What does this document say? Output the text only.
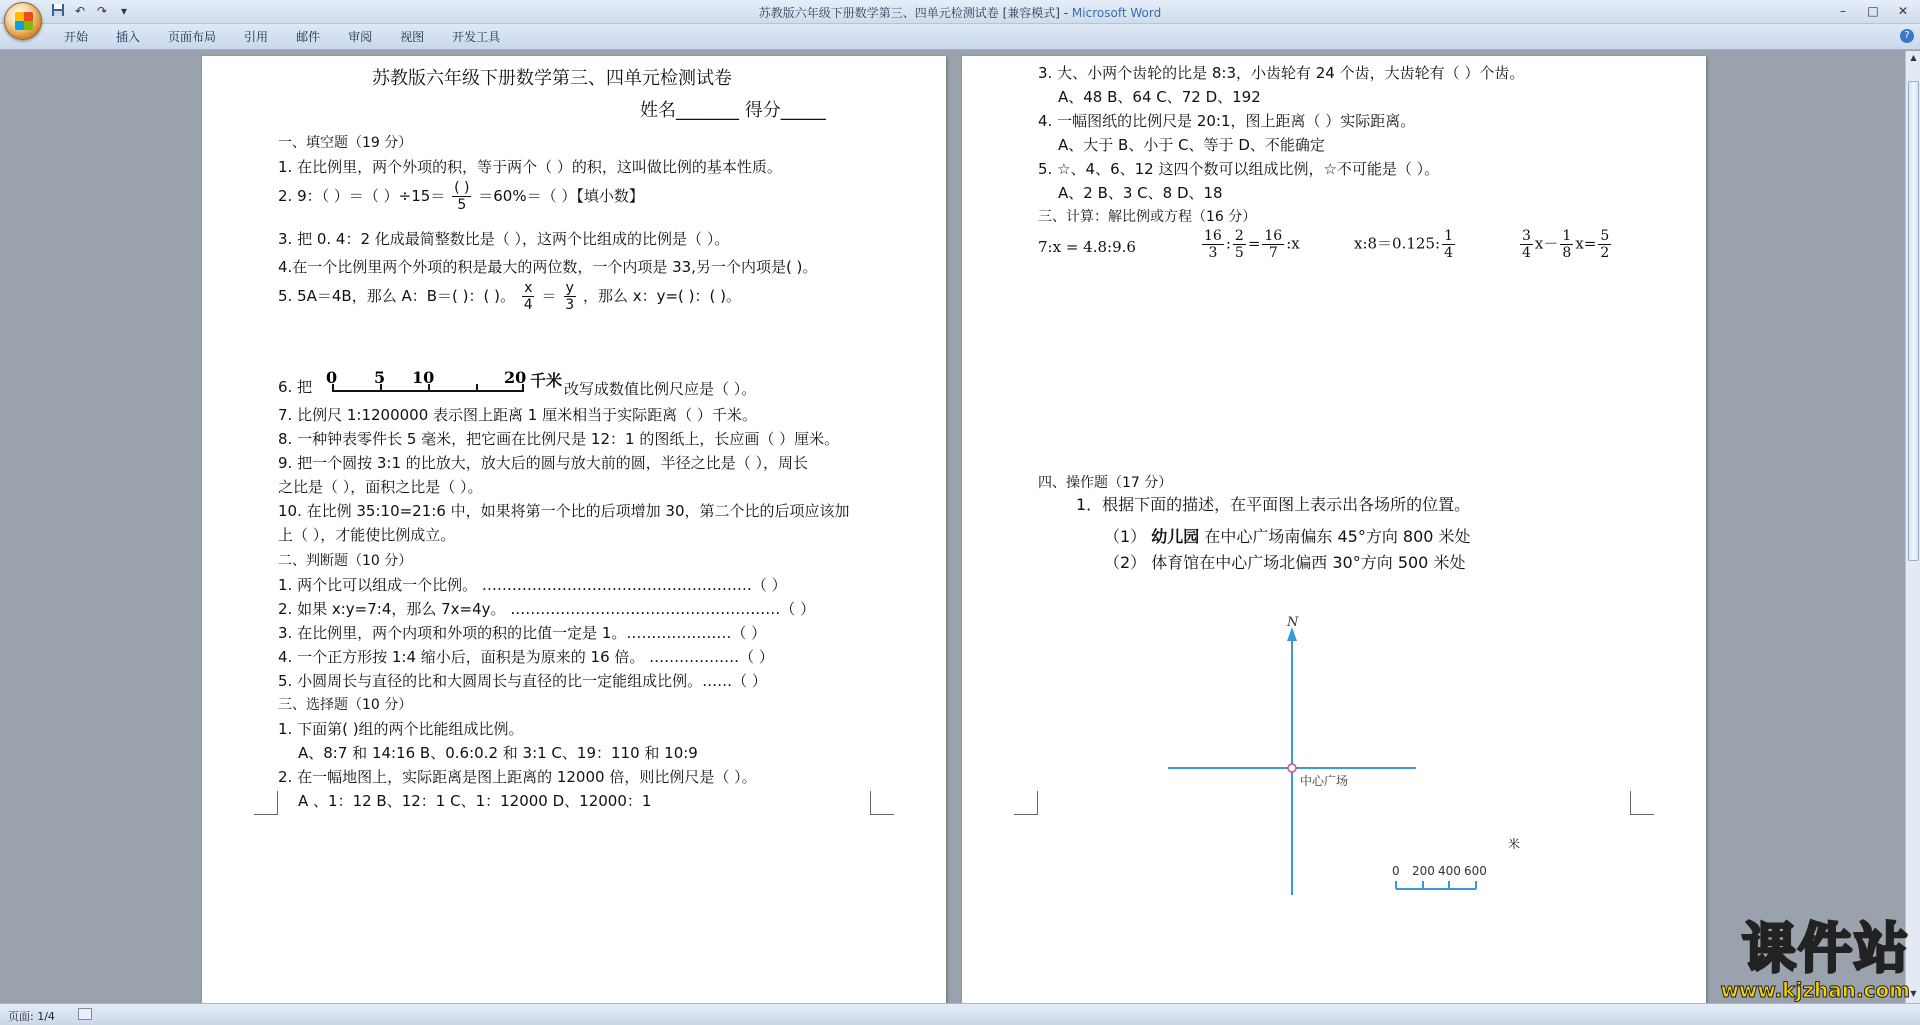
↶ ↷	▾	苏教版六年级下册数学第三、四单元检测试卷 [兼容模式] - Microsoft Word	–	□	✕
开始	插入	页面布局	引用	邮件	审阅	视图	开发工具	?
苏教版六年级下册数学第三、四单元检测试卷
姓名_______ 得分_____
一、填空题（19 分）
1. 在比例里，两个外项的积，等于两个（ ）的积，这叫做比例的基本性质。
2. 9：（ ）＝（ ）$\div 15= \frac{( )}{5} =60\%=$（ ）【填小数】
3. 把 0. 4：2 化成最简整数比是（ ），这两个比组成的比例是（ ）。
4.在一个比例里两个外项的积是最大的两位数，一个内项是 33,另一个内项是( )。
5. 5A＝4B，那么 A：B＝( )：( )。 $\frac{x}{4} = \frac{y}{3}$ ，那么 x：y=( )：( )。
6. 把 0 5 10	20 千米 改写成数值比例尺应是（ ）。
7. 比例尺 1:1200000 表示图上距离 1 厘米相当于实际距离（ ）千米。
8. 一种钟表零件长 5 毫米，把它画在比例尺是 12：1 的图纸上，长应画（ ）厘米。
9. 把一个圆按 3:1 的比放大，放大后的圆与放大前的圆，半径之比是（ ），周长
之比是（ ），面积之比是（ ）。
10. 在比例 35:10=21:6 中，如果将第一个比的后项增加 30，第二个比的后项应该加
上（ ），才能使比例成立。
二、判断题（10 分）
1. 两个比可以组成一个比例。 ………………………………………………（ ）
2. 如果 x:y=7:4，那么 7x=4y。 ………………………………………………（ ）
3. 在比例里，两个内项和外项的积的比值一定是 1。…………………（ ）
4. 一个正方形按 1:4 缩小后，面积是为原来的 16 倍。 ………………（ ）
5. 小圆周长与直径的比和大圆周长与直径的比一定能组成比例。……（ ）
三、选择题（10 分）
1. 下面第( )组的两个比能组成比例。
A、8:7 和 14:16 B、0.6:0.2 和 3:1 C、19：110 和 10:9
2. 在一幅地图上，实际距离是图上距离的 12000 倍，则比例尺是（ ）。
A 、1：12 B、12：1 C、1：12000 D、12000：1
3. 大、小两个齿轮的比是 8:3，小齿轮有 24 个齿，大齿轮有（ ）个齿。
A、48 B、64 C、72 D、192
4. 一幅图纸的比例尺是 20:1，图上距离（ ）实际距离。
A、大于 B、小于 C、等于 D、不能确定
5. ☆、4、6、12 这四个数可以组成比例，☆不可能是（ ）。
A、2 B、3 C、8 D、18
三、计算：解比例或方程（16 分）
7:x = 4.8:9.6	$\frac{16}{3}$ : $\frac{2}{5} = \frac{16}{7}$ :x	x:8＝0.125: $\frac{1}{4}$	$\frac{3}{4} x- \frac{1}{8} x= \frac{5}{2}$
四、操作题（17 分）
1．根据下面的描述，在平面图上表示出各场所的位置。
（1） 幼儿园 在中心广场南偏东 45°方向 800 米处
（2） 体育馆在中心广场北偏西 30°方向 500 米处
N
中心广场
0 200 400 600
米
▲
▼
页面: 1/4
课件站
www.kjzhan.com
